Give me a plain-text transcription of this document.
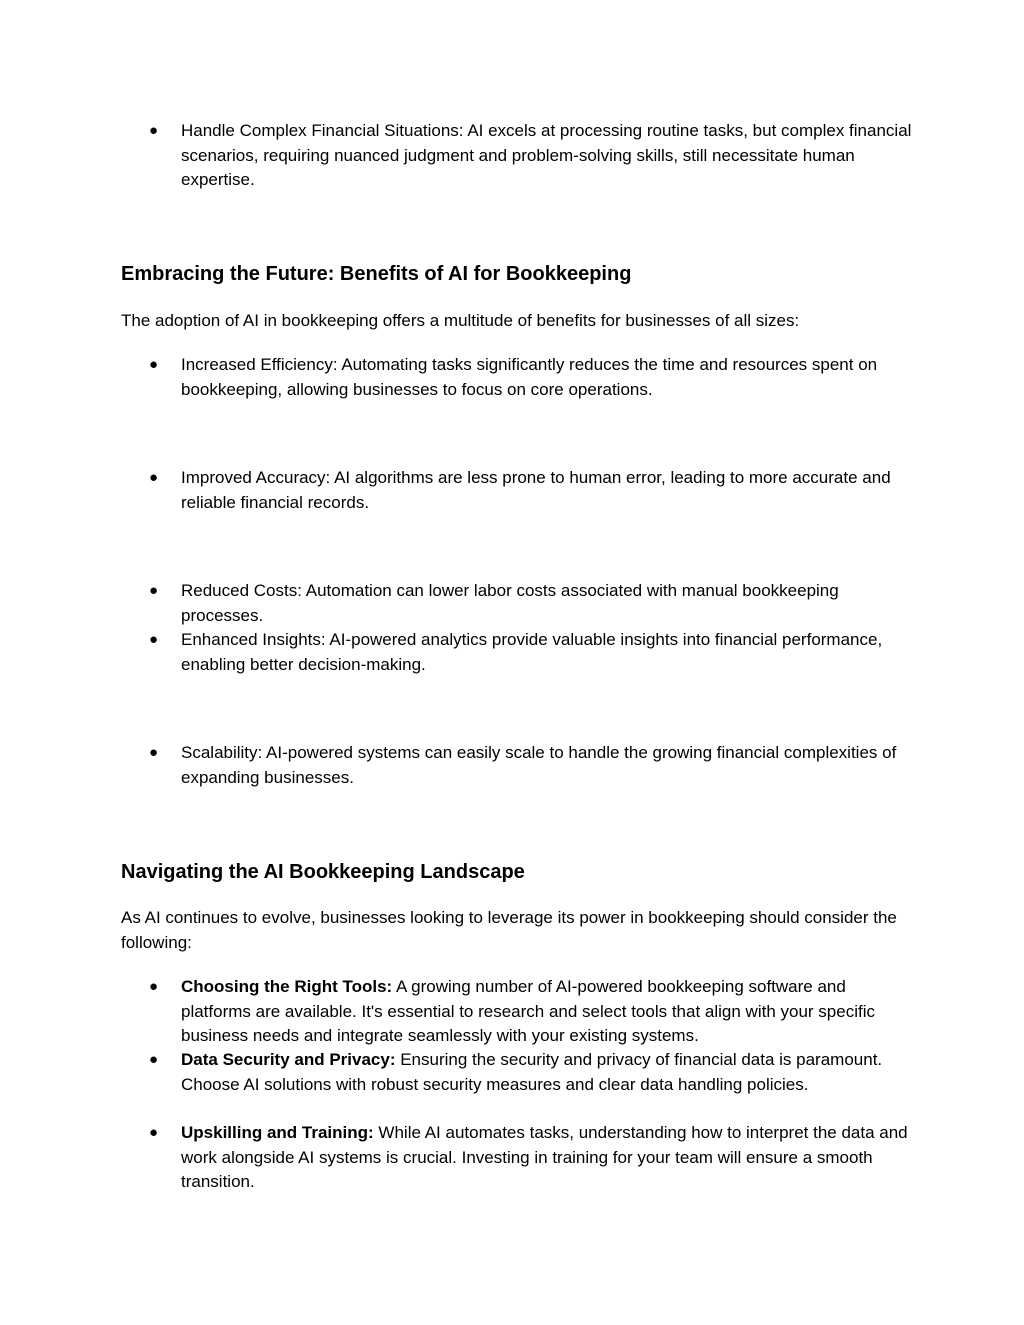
● Handle Complex Financial Situations: AI excels at processing routine tasks, but complex financial scenarios, requiring nuanced judgment and problem-solving skills, still necessitate human expertise.
Embracing the Future: Benefits of AI for Bookkeeping
The adoption of AI in bookkeeping offers a multitude of benefits for businesses of all sizes:
● Increased Efficiency: Automating tasks significantly reduces the time and resources spent on bookkeeping, allowing businesses to focus on core operations.
● Improved Accuracy: AI algorithms are less prone to human error, leading to more accurate and reliable financial records.
● Reduced Costs: Automation can lower labor costs associated with manual bookkeeping processes.
● Enhanced Insights: AI-powered analytics provide valuable insights into financial performance, enabling better decision-making.
● Scalability: AI-powered systems can easily scale to handle the growing financial complexities of expanding businesses.
Navigating the AI Bookkeeping Landscape
As AI continues to evolve, businesses looking to leverage its power in bookkeeping should consider the following:
● Choosing the Right Tools: A growing number of AI-powered bookkeeping software and platforms are available. It's essential to research and select tools that align with your specific business needs and integrate seamlessly with your existing systems.
● Data Security and Privacy: Ensuring the security and privacy of financial data is paramount. Choose AI solutions with robust security measures and clear data handling policies.
● Upskilling and Training: While AI automates tasks, understanding how to interpret the data and work alongside AI systems is crucial. Investing in training for your team will ensure a smooth transition.
